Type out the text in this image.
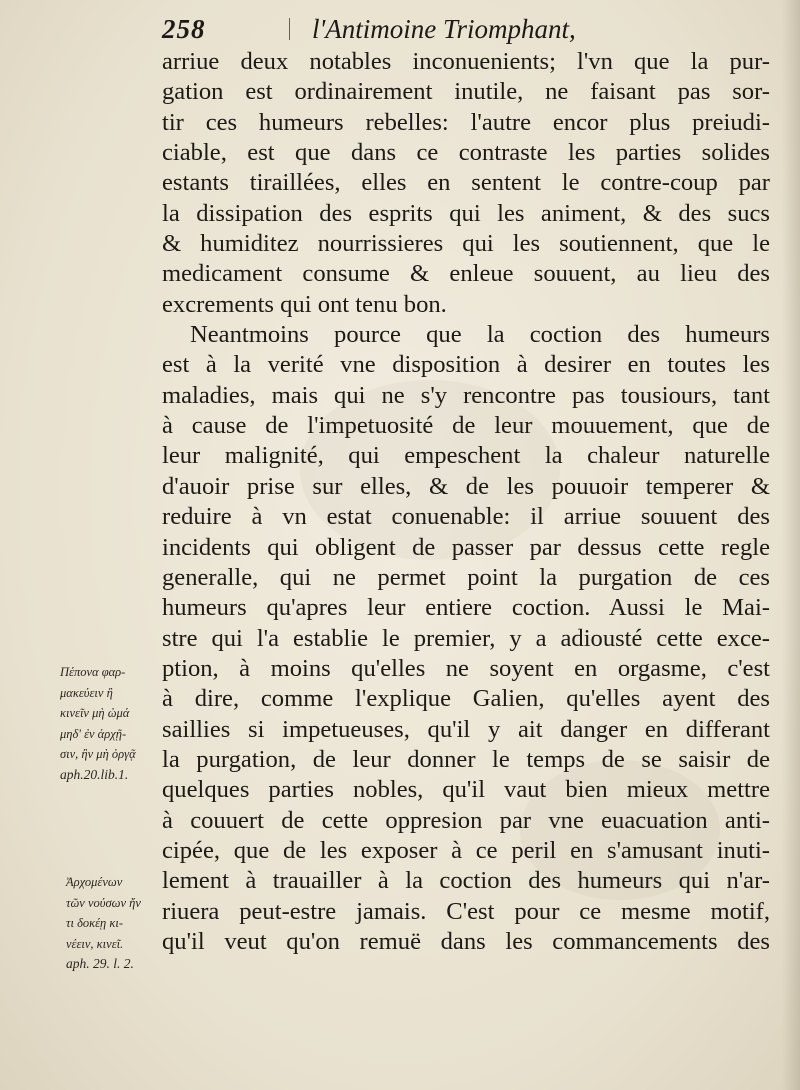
258	l'Antimoine Triomphant,
arriue deux notables inconuenients; l'vn que la pur-
gation est ordinairement inutile, ne faisant pas sor-
tir ces humeurs rebelles: l'autre encor plus preiudi-
ciable, est que dans ce contraste les parties solides
estants tiraillées, elles en sentent le contre-coup par
la dissipation des esprits qui les animent, & des sucs
& humiditez nourrissieres qui les soutiennent, que le
medicament consume & enleue souuent, au lieu des
excrements qui ont tenu bon.
Neantmoins pource que la coction des humeurs
est à la verité vne disposition à desirer en toutes les
maladies, mais qui ne s'y rencontre pas tousiours, tant
à cause de l'impetuosité de leur mouuement, que de
leur malignité, qui empeschent la chaleur naturelle
d'auoir prise sur elles, & de les pouuoir temperer &
reduire à vn estat conuenable: il arriue souuent des
incidents qui obligent de passer par dessus cette regle
generalle, qui ne permet point la purgation de ces
humeurs qu'apres leur entiere coction. Aussi le Mai-
stre qui l'a establie le premier, y a adiousté cette exce-
ption, à moins qu'elles ne soyent en orgasme, c'est
à dire, comme l'explique Galien, qu'elles ayent des
saillies si impetueuses, qu'il y ait danger en differant
la purgation, de leur donner le temps de se saisir de
quelques parties nobles, qu'il vaut bien mieux mettre
à couuert de cette oppresion par vne euacuation anti-
cipée, que de les exposer à ce peril en s'amusant inuti-
lement à trauailler à la coction des humeurs qui n'ar-
riuera peut-estre jamais. C'est pour ce mesme motif,
qu'il veut qu'on remuë dans les commancements des
Πέπονα φαρ-
μακεύειν ἢ
κινεῖν μὴ ὠμά
μηδ' ἐν ἀρχῇ-
σιν, ἢν μὴ ὀργᾷ
aph.20.lib.1.
Ἀρχομένων
τῶν νούσων ἤν
τι δοκέῃ κι-
νέειν, κινεῖ.
aph. 29. l. 2.
